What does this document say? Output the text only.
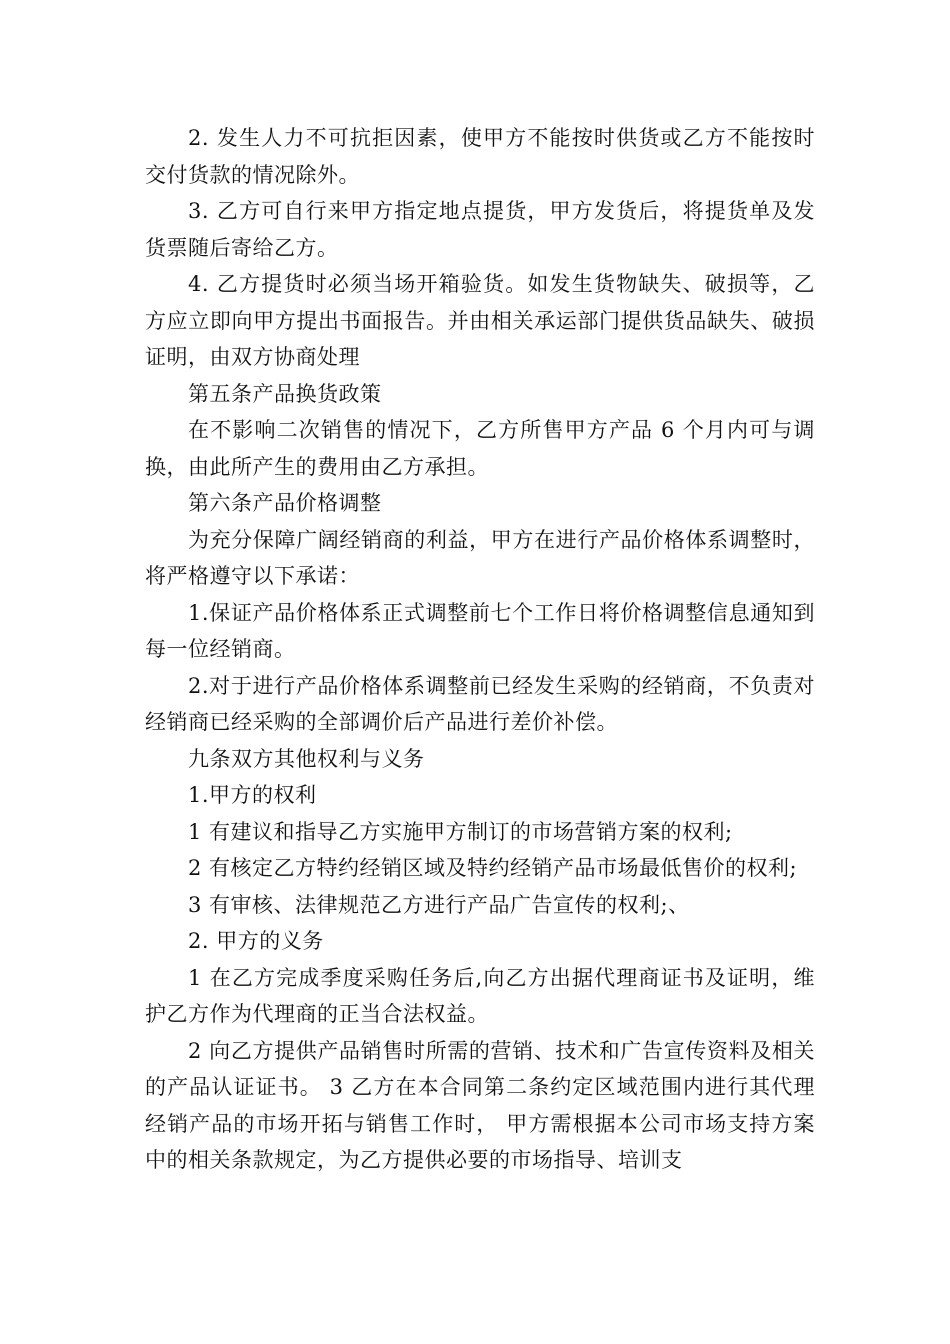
2. 发生人力不可抗拒因素，使甲方不能按时供货或乙方不能按时交付货款的情况除外。

3. 乙方可自行来甲方指定地点提货，甲方发货后，将提货单及发货票随后寄给乙方。

4. 乙方提货时必须当场开箱验货。如发生货物缺失、破损等，乙方应立即向甲方提出书面报告。并由相关承运部门提供货品缺失、破损证明，由双方协商处理

第五条产品换货政策

在不影响二次销售的情况下，乙方所售甲方产品 6 个月内可与调换，由此所产生的费用由乙方承担。

第六条产品价格调整

为充分保障广阔经销商的利益，甲方在进行产品价格体系调整时，将严格遵守以下承诺：

1.保证产品价格体系正式调整前七个工作日将价格调整信息通知到每一位经销商。

2.对于进行产品价格体系调整前已经发生采购的经销商，不负责对经销商已经采购的全部调价后产品进行差价补偿。

九条双方其他权利与义务

1.甲方的权利

1 有建议和指导乙方实施甲方制订的市场营销方案的权利;

2 有核定乙方特约经销区域及特约经销产品市场最低售价的权利;

3 有审核、法律规范乙方进行产品广告宣传的权利;、

2. 甲方的义务

1 在乙方完成季度采购任务后,向乙方出据代理商证书及证明，维护乙方作为代理商的正当合法权益。

2 向乙方提供产品销售时所需的营销、技术和广告宣传资料及相关的产品认证证书。 3 乙方在本合同第二条约定区域范围内进行其代理经销产品的市场开拓与销售工作时， 甲方需根据本公司市场支持方案中的相关条款规定，为乙方提供必要的市场指导、培训支
